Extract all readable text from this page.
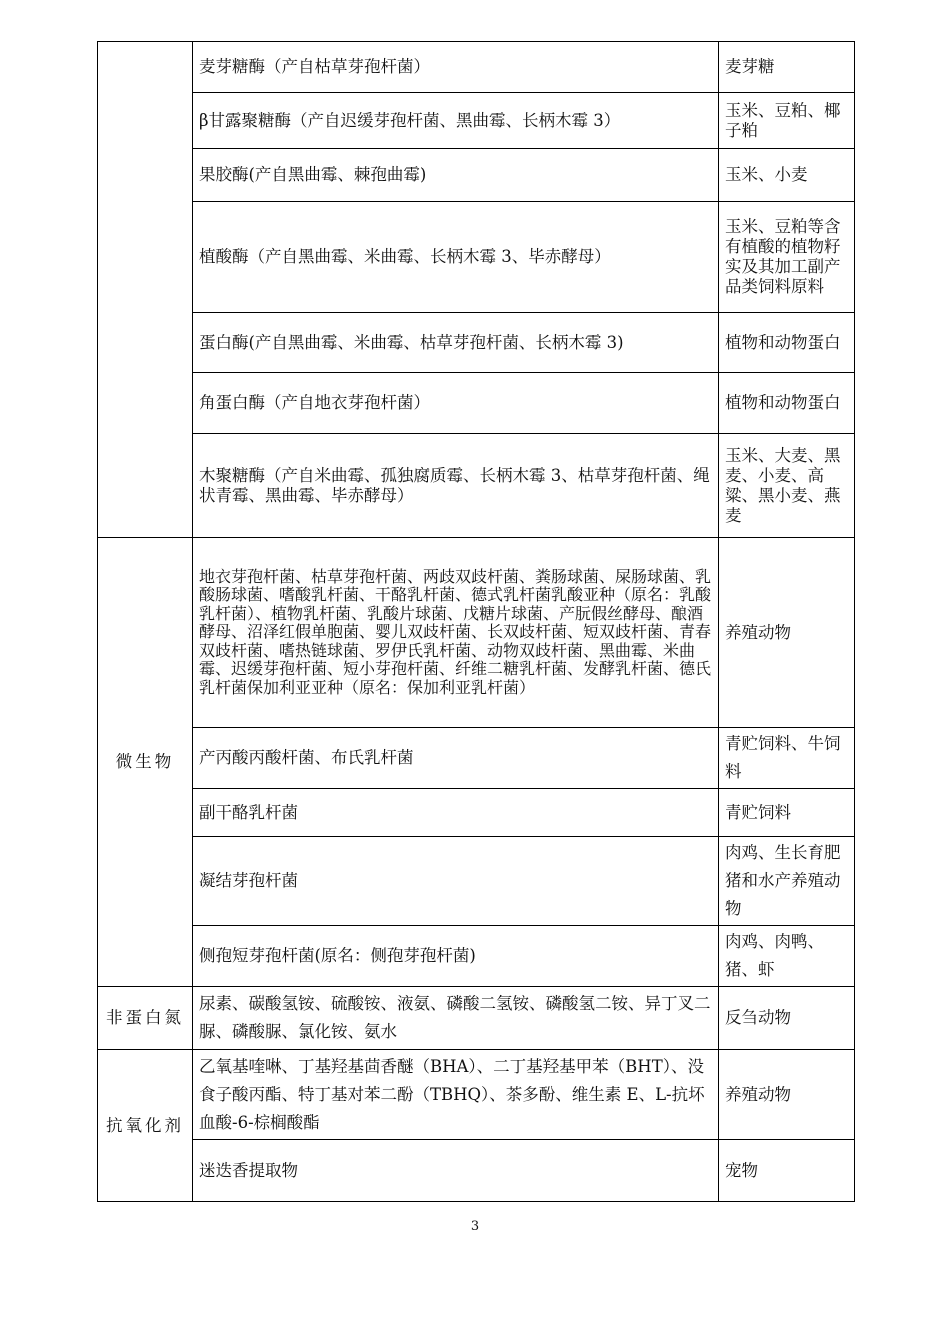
	麦芽糖酶（产自枯草芽孢杆菌）	麦芽糖
	β甘露聚糖酶（产自迟缓芽孢杆菌、黑曲霉、长柄木霉 3）	玉米、豆粕、椰子粕
	果胶酶(产自黑曲霉、棘孢曲霉)	玉米、小麦
	植酸酶（产自黑曲霉、米曲霉、长柄木霉 3、毕赤酵母）	玉米、豆粕等含有植酸的植物籽实及其加工副产品类饲料原料
	蛋白酶(产自黑曲霉、米曲霉、枯草芽孢杆菌、长柄木霉 3)	植物和动物蛋白
	角蛋白酶（产自地衣芽孢杆菌）	植物和动物蛋白
	木聚糖酶（产自米曲霉、孤独腐质霉、长柄木霉 3、枯草芽孢杆菌、绳状青霉、黑曲霉、毕赤酵母）	玉米、大麦、黑麦、小麦、高粱、黑小麦、燕麦
微生物	地衣芽孢杆菌、枯草芽孢杆菌、两歧双歧杆菌、粪肠球菌、屎肠球菌、乳酸肠球菌、嗜酸乳杆菌、干酪乳杆菌、德式乳杆菌乳酸亚种（原名：乳酸乳杆菌）、植物乳杆菌、乳酸片球菌、戊糖片球菌、产朊假丝酵母、酿酒酵母、沼泽红假单胞菌、婴儿双歧杆菌、长双歧杆菌、短双歧杆菌、青春双歧杆菌、嗜热链球菌、罗伊氏乳杆菌、动物双歧杆菌、黑曲霉、米曲霉、迟缓芽孢杆菌、短小芽孢杆菌、纤维二糖乳杆菌、发酵乳杆菌、德氏乳杆菌保加利亚亚种（原名：保加利亚乳杆菌）	养殖动物
	产丙酸丙酸杆菌、布氏乳杆菌	青贮饲料、牛饲料
	副干酪乳杆菌	青贮饲料
	凝结芽孢杆菌	肉鸡、生长育肥猪和水产养殖动物
	侧孢短芽孢杆菌(原名：侧孢芽孢杆菌)	肉鸡、肉鸭、猪、虾
非蛋白氮	尿素、碳酸氢铵、硫酸铵、液氨、磷酸二氢铵、磷酸氢二铵、异丁叉二脲、磷酸脲、氯化铵、氨水	反刍动物
抗氧化剂	乙氧基喹啉、丁基羟基茴香醚（BHA）、二丁基羟基甲苯（BHT）、没食子酸丙酯、特丁基对苯二酚（TBHQ）、茶多酚、维生素 E、L-抗坏血酸-6-棕榈酸酯	养殖动物
	迷迭香提取物	宠物
3
